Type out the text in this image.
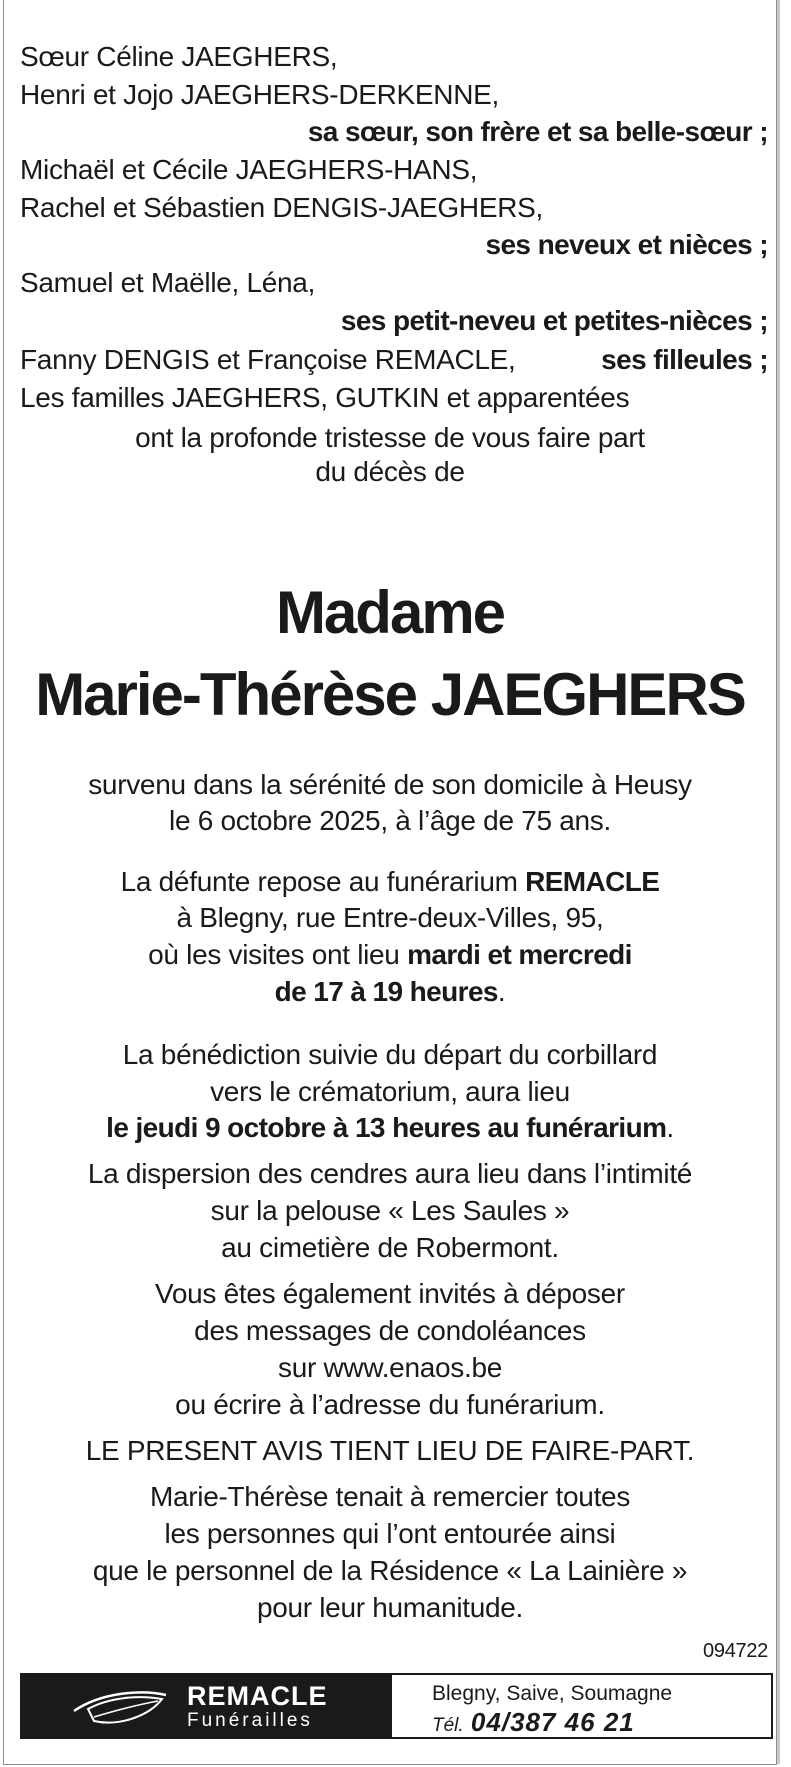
Sœur Céline JAEGHERS,
Henri et Jojo JAEGHERS-DERKENNE,
sa sœur, son frère et sa belle-sœur ;
Michaël et Cécile JAEGHERS-HANS,
Rachel et Sébastien DENGIS-JAEGHERS,
ses neveux et nièces ;
Samuel et Maëlle, Léna,
ses petit-neveu et petites-nièces ;
Fanny DENGIS et Françoise REMACLE,	ses filleules ;
Les familles JAEGHERS, GUTKIN et apparentées
ont la profonde tristesse de vous faire part
du décès de
Madame
Marie-Thérèse JAEGHERS
survenu dans la sérénité de son domicile à Heusy
le 6 octobre 2025, à l’âge de 75 ans.
La défunte repose au funérarium REMACLE
à Blegny, rue Entre-deux-Villes, 95,
où les visites ont lieu mardi et mercredi
de 17 à 19 heures.
La bénédiction suivie du départ du corbillard
vers le crématorium, aura lieu
le jeudi 9 octobre à 13 heures au funérarium.
La dispersion des cendres aura lieu dans l’intimité
sur la pelouse « Les Saules »
au cimetière de Robermont.
Vous êtes également invités à déposer
des messages de condoléances
sur www.enaos.be
ou écrire à l’adresse du funérarium.
LE PRESENT AVIS TIENT LIEU DE FAIRE-PART.
Marie-Thérèse tenait à remercier toutes
les personnes qui l’ont entourée ainsi
que le personnel de la Résidence « La Lainière »
pour leur humanitude.
094722
REMACLE
Funérailles
Blegny, Saive, Soumagne
Tél. 04/387 46 21
